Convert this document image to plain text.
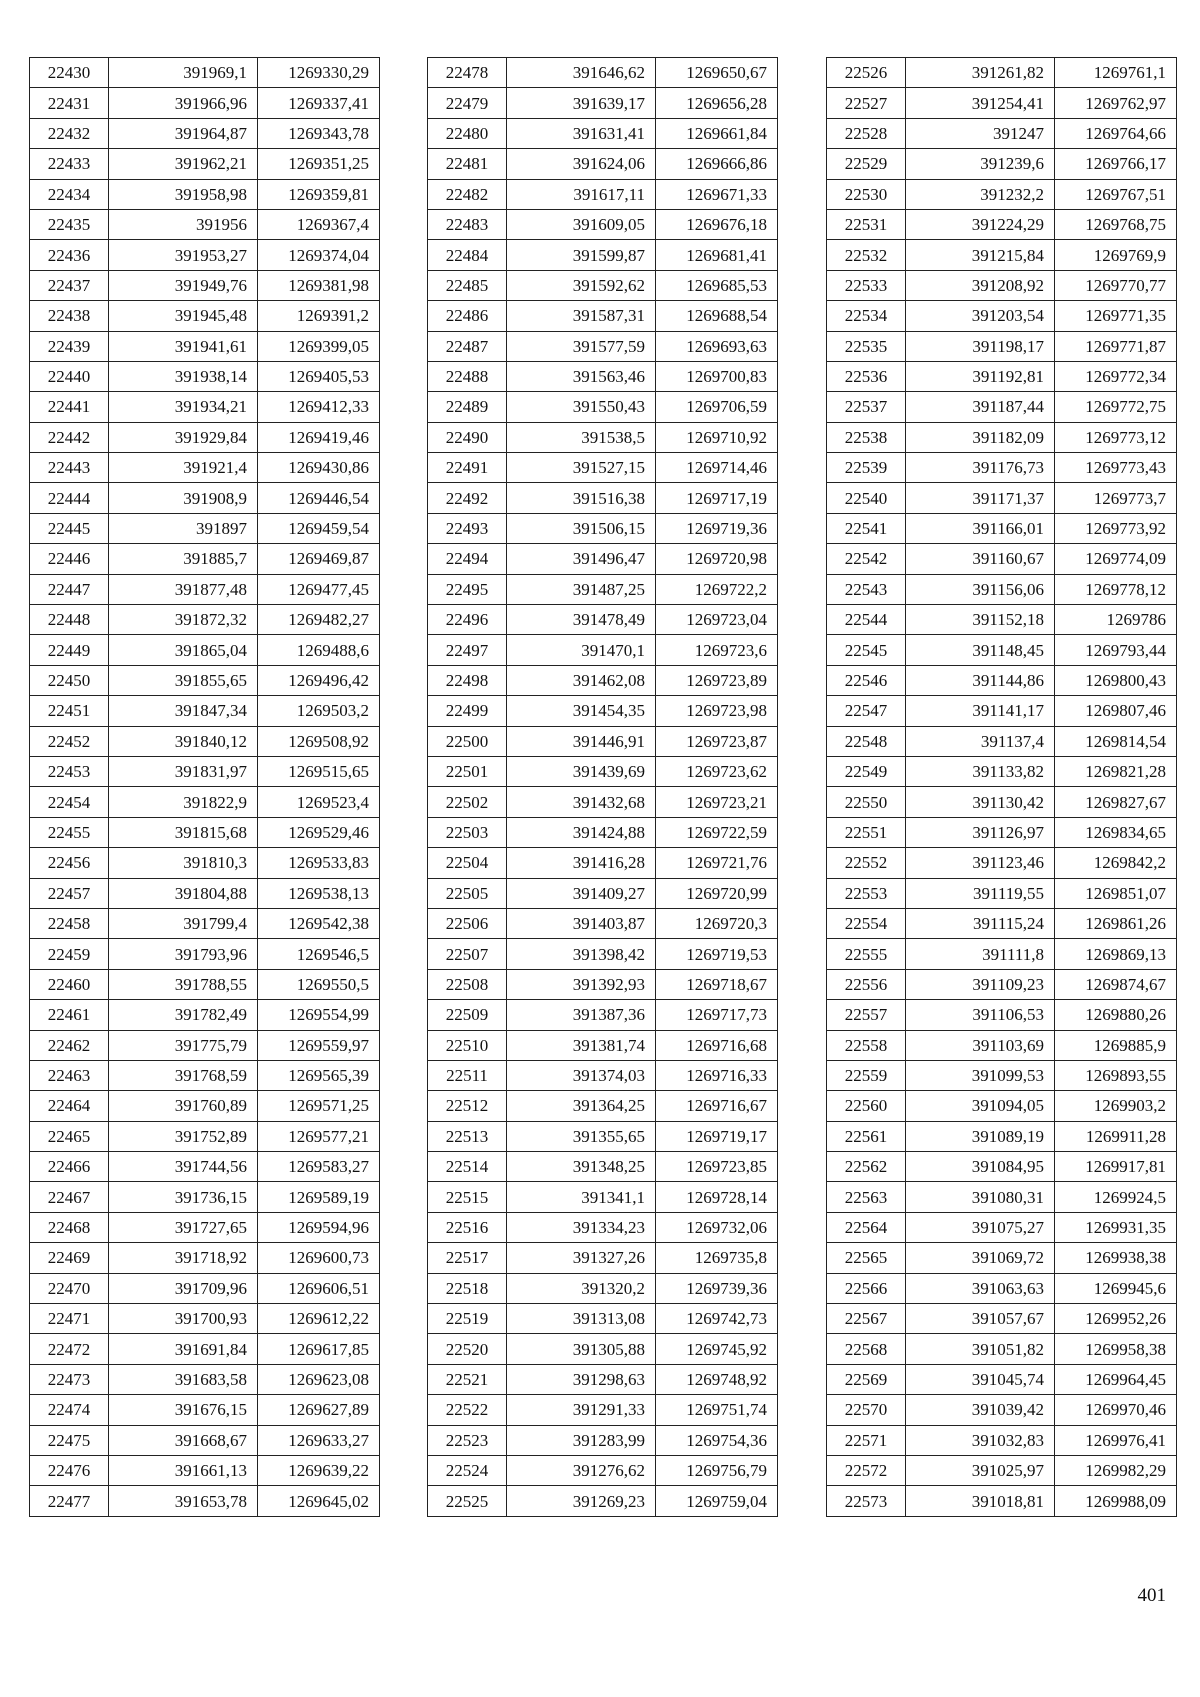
22430	391969,1	1269330,29
22431	391966,96	1269337,41
22432	391964,87	1269343,78
22433	391962,21	1269351,25
22434	391958,98	1269359,81
22435	391956	1269367,4
22436	391953,27	1269374,04
22437	391949,76	1269381,98
22438	391945,48	1269391,2
22439	391941,61	1269399,05
22440	391938,14	1269405,53
22441	391934,21	1269412,33
22442	391929,84	1269419,46
22443	391921,4	1269430,86
22444	391908,9	1269446,54
22445	391897	1269459,54
22446	391885,7	1269469,87
22447	391877,48	1269477,45
22448	391872,32	1269482,27
22449	391865,04	1269488,6
22450	391855,65	1269496,42
22451	391847,34	1269503,2
22452	391840,12	1269508,92
22453	391831,97	1269515,65
22454	391822,9	1269523,4
22455	391815,68	1269529,46
22456	391810,3	1269533,83
22457	391804,88	1269538,13
22458	391799,4	1269542,38
22459	391793,96	1269546,5
22460	391788,55	1269550,5
22461	391782,49	1269554,99
22462	391775,79	1269559,97
22463	391768,59	1269565,39
22464	391760,89	1269571,25
22465	391752,89	1269577,21
22466	391744,56	1269583,27
22467	391736,15	1269589,19
22468	391727,65	1269594,96
22469	391718,92	1269600,73
22470	391709,96	1269606,51
22471	391700,93	1269612,22
22472	391691,84	1269617,85
22473	391683,58	1269623,08
22474	391676,15	1269627,89
22475	391668,67	1269633,27
22476	391661,13	1269639,22
22477	391653,78	1269645,02
22478	391646,62	1269650,67
22479	391639,17	1269656,28
22480	391631,41	1269661,84
22481	391624,06	1269666,86
22482	391617,11	1269671,33
22483	391609,05	1269676,18
22484	391599,87	1269681,41
22485	391592,62	1269685,53
22486	391587,31	1269688,54
22487	391577,59	1269693,63
22488	391563,46	1269700,83
22489	391550,43	1269706,59
22490	391538,5	1269710,92
22491	391527,15	1269714,46
22492	391516,38	1269717,19
22493	391506,15	1269719,36
22494	391496,47	1269720,98
22495	391487,25	1269722,2
22496	391478,49	1269723,04
22497	391470,1	1269723,6
22498	391462,08	1269723,89
22499	391454,35	1269723,98
22500	391446,91	1269723,87
22501	391439,69	1269723,62
22502	391432,68	1269723,21
22503	391424,88	1269722,59
22504	391416,28	1269721,76
22505	391409,27	1269720,99
22506	391403,87	1269720,3
22507	391398,42	1269719,53
22508	391392,93	1269718,67
22509	391387,36	1269717,73
22510	391381,74	1269716,68
22511	391374,03	1269716,33
22512	391364,25	1269716,67
22513	391355,65	1269719,17
22514	391348,25	1269723,85
22515	391341,1	1269728,14
22516	391334,23	1269732,06
22517	391327,26	1269735,8
22518	391320,2	1269739,36
22519	391313,08	1269742,73
22520	391305,88	1269745,92
22521	391298,63	1269748,92
22522	391291,33	1269751,74
22523	391283,99	1269754,36
22524	391276,62	1269756,79
22525	391269,23	1269759,04
22526	391261,82	1269761,1
22527	391254,41	1269762,97
22528	391247	1269764,66
22529	391239,6	1269766,17
22530	391232,2	1269767,51
22531	391224,29	1269768,75
22532	391215,84	1269769,9
22533	391208,92	1269770,77
22534	391203,54	1269771,35
22535	391198,17	1269771,87
22536	391192,81	1269772,34
22537	391187,44	1269772,75
22538	391182,09	1269773,12
22539	391176,73	1269773,43
22540	391171,37	1269773,7
22541	391166,01	1269773,92
22542	391160,67	1269774,09
22543	391156,06	1269778,12
22544	391152,18	1269786
22545	391148,45	1269793,44
22546	391144,86	1269800,43
22547	391141,17	1269807,46
22548	391137,4	1269814,54
22549	391133,82	1269821,28
22550	391130,42	1269827,67
22551	391126,97	1269834,65
22552	391123,46	1269842,2
22553	391119,55	1269851,07
22554	391115,24	1269861,26
22555	391111,8	1269869,13
22556	391109,23	1269874,67
22557	391106,53	1269880,26
22558	391103,69	1269885,9
22559	391099,53	1269893,55
22560	391094,05	1269903,2
22561	391089,19	1269911,28
22562	391084,95	1269917,81
22563	391080,31	1269924,5
22564	391075,27	1269931,35
22565	391069,72	1269938,38
22566	391063,63	1269945,6
22567	391057,67	1269952,26
22568	391051,82	1269958,38
22569	391045,74	1269964,45
22570	391039,42	1269970,46
22571	391032,83	1269976,41
22572	391025,97	1269982,29
22573	391018,81	1269988,09
401
